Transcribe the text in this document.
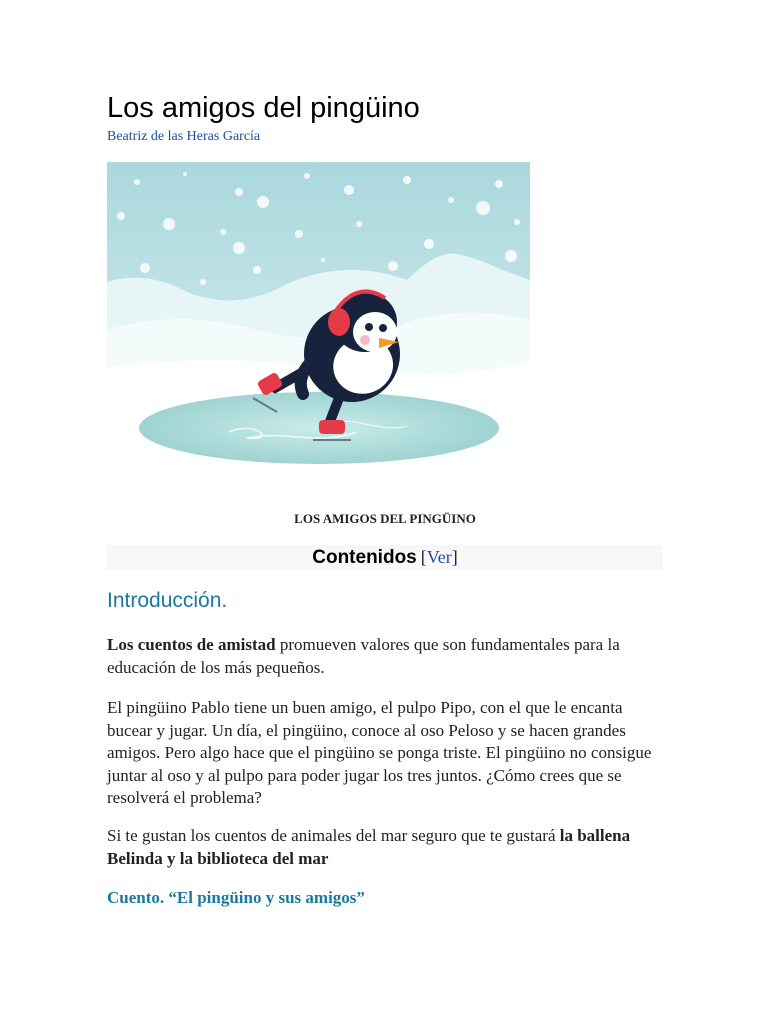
Los amigos del pingüino
Beatriz de las Heras García
LOS AMIGOS DEL PINGÜINO
Contenidos [Ver]
Introducción.

Los cuentos de amistad promueven valores que son fundamentales para la educación de los más pequeños.

El pingüino Pablo tiene un buen amigo, el pulpo Pipo, con el que le encanta bucear y jugar. Un día, el pingüino, conoce al oso Peloso y se hacen grandes amigos. Pero algo hace que el pingüino se ponga triste. El pingüino no consigue juntar al oso y al pulpo para poder jugar los tres juntos. ¿Cómo crees que se resolverá el problema?

Si te gustan los cuentos de animales del mar seguro que te gustará la ballena Belinda y la biblioteca del mar

Cuento. “El pingüino y sus amigos”
